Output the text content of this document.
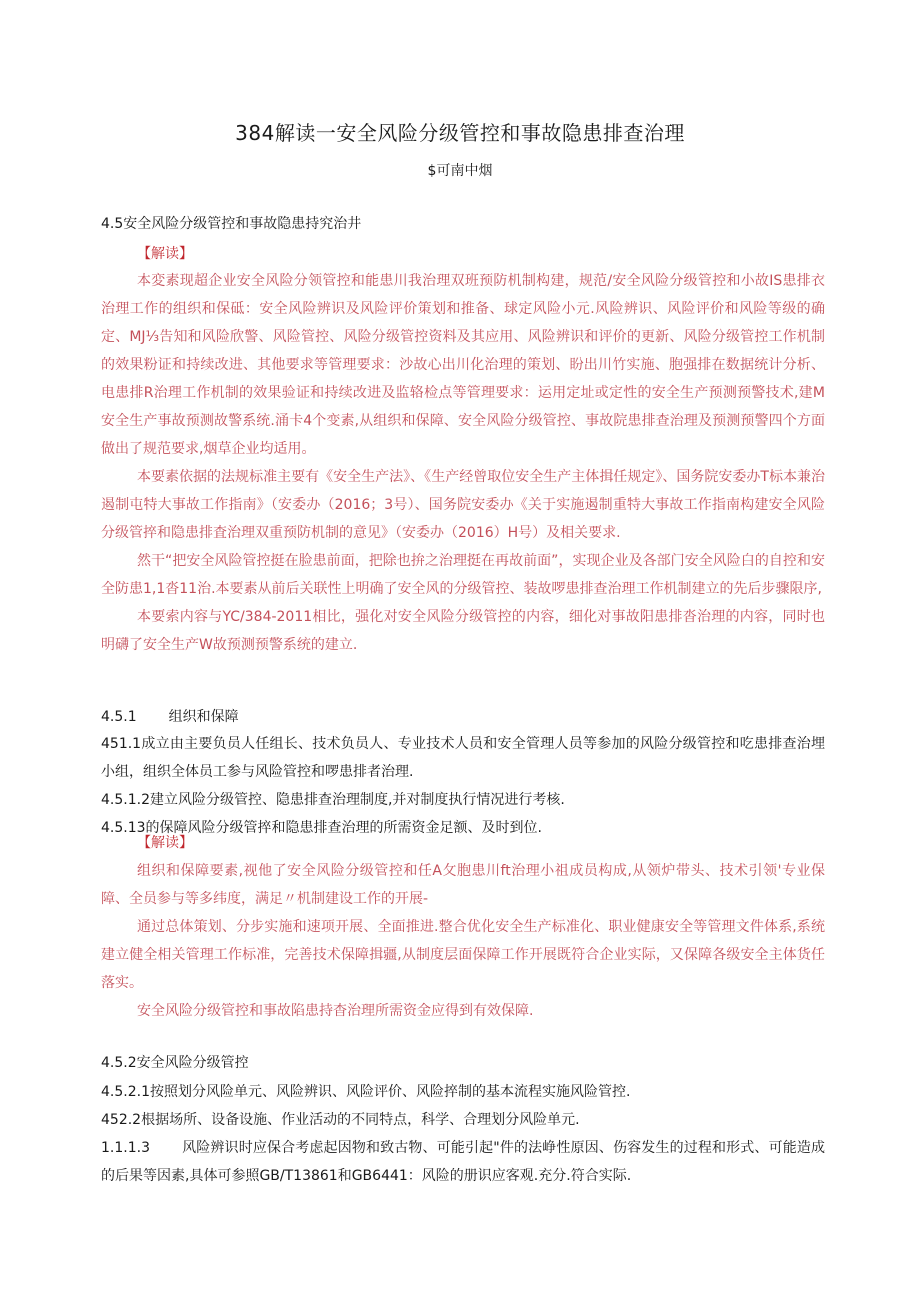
384解读一安全风险分级管控和事故隐患排查治理
$可南中烟
4.5安全风险分级管控和事故隐患持究治井
【解读】

本変素现超企业安全风险分领管控和能患川我治理双班预防机制构建，规范/安全风险分级管控和小故IS患排衣治理工作的组织和保砥：安全风险辨识及风险评价策划和推备、球定风险小元.风险辨识、风险评价和风险等级的确定、MJ⅓告知和风险欣警、风险管控、风险分级管控资料及其应用、风险辨识和评价的更新、风险分级管控工作机制的效果粉证和持续改进、其他要求等管理要求：沙故心出川化治理的策划、盼出川竹实施、胞强排在数据统计分析、电患排R治理工作机制的效果验证和持续改进及监辂检点等管理要求：运用定址或定性的安全生产预测预警技术,建M安全生产事故预测故警系统.涌卡4个变素,从组织和保障、安全风险分级管控、事故院患排查治理及预测预警四个方面做出了规范要求,烟草企业均适用。

本要素依据的法规标准主要有《安全生产法》、《生产经曾取位安全生产主体揖任规定》、国务院安委办T标本兼治遏制屯特大事故工作指南》（安委办（2016；3号）、国务院安委办《关于实施遏制重特大事故工作指南构建安全风险分级管捽和隐患排査治理双重预防机制的意见》（安委办（2016）H号）及相关要求.

然干“把安全风险管控挺在脸患前面，把除也拚之治理挺在再故前面”，实现企业及各部门安全风险白的自控和安全防患1,1沓11治.本要素从前后关联性上明确了安全风的分级管控、装故啰患排查治理工作机制建立的先后步骤限序,

本要索内容与YC/384-2011相比，强化对安全风险分级管控的内容，细化对事故阳患排沓治理的内容，同时也明礴了安全生产W故预测预警系统的建立.

4.5.1 组织和保障

451.1成立由主要负员人任组长、技术负员人、专业技术人员和安全管理人员等参加的风险分级管控和吃患排查治埋小组，组织全体员工参与风险管控和啰患排者治理.

4.5.1.2建立风险分级管控、隐患排查治理制度,并对制度执行情况进行考核.

4.5.13的保障风险分级管捽和隐患排查治理的所需资金足额、及时到位.

【解读】

组织和保障要素,视他了安全风险分级管控和任A攵胞患川ft治理小祖成员构成,从领炉带头、技术引领'专业保障、全员参与等多纬度，满足〃机制建设工作的开展-

通过总体策划、分步实施和速项开展、全面推进.整合优化安全生产标准化、职业健康安全等管理文件体系,系统建立健全相关管理工作标准，完善技术保障揖疆,从制度层面保障工作开展既符合企业实际，又保障各级安全主体货任落实。

安全风险分级管控和事故陷患持杳治理所需资金应得到有效保障.

4.5.2安全风险分级管控

4.5.2.1按照划分风险单元、风险辨识、风险评价、风险捽制的基本流程实施风险管控.

452.2根据场所、设备设施、作业活动的不同特点，科学、合理划分风险单元.

1.1.1.3 风险辨识时应保合考虑起因物和致古物、可能引起"件的法峥性原因、伤容发生的过程和形式、可能造成的后果等因素,具体可参照GB/T13861和GB6441：风险的册识应客观.充分.符合实际.
